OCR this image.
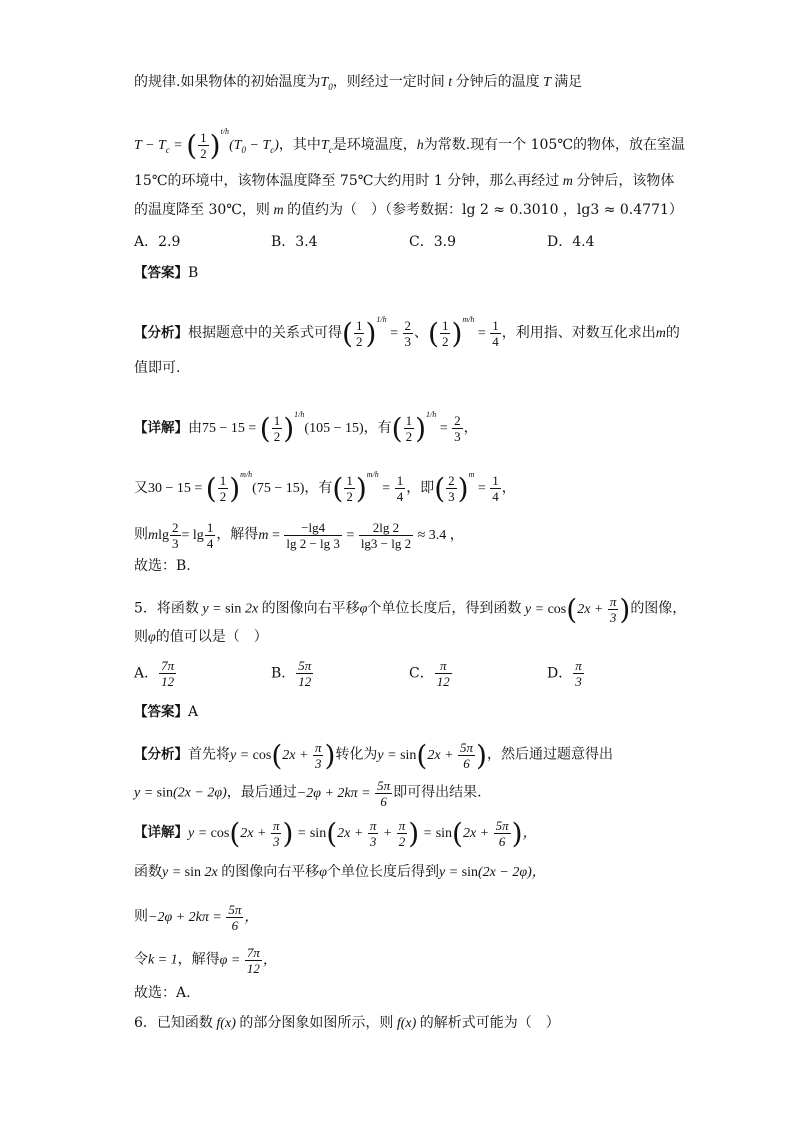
的规律.如果物体的初始温度为$T_0$，则经过一定时间 t 分钟后的温度 T 满足
$T - T_c$ = ( $\frac{1}{2} )^{t/h}(T_0 - T_c)$，其中$T_c$是环境温度，h为常数.现有一个 105℃的物体，放在室温
15℃的环境中，该物体温度降至 75℃大约用时 1 分钟，那么再经过 m 分钟后，该物体
的温度降至 30℃，则 m 的值约为（　）（参考数据：lg 2 ≈ 0.3010 ，lg3 ≈ 0.4771）
A．2.9	B．3.4	C．3.9	D．4.4
【答案】B
【分析】根据题意中的关系式可得( $\frac{1}{2} )^{1/h} = \frac{2}{3}$ 、( $\frac{1}{2} )^{m/h} = \frac{1}{4}$ ，利用指、对数互化求出m的
值即可.
【详解】由75 − 15 = ( $\frac{1}{2} )^{1/h}(105 - 15)$，有( $\frac{1}{2} )^{1/h} = \frac{2}{3}$ ，
又30 − 15 = ( $\frac{1}{2} )^{m/h}(75 - 15)$，有( $\frac{1}{2} )^{m/h} = \frac{1}{4}$ ，即( $\frac{2}{3} )^m = \frac{1}{4}$ ，
则mlg $\frac{2}{3} = \lg \frac{1}{4}$ ，解得$m = \frac{-\lg 4}{\lg 2 - \lg 3} = \frac{2\lg 2}{\lg 3 - \lg 2} \approx 3.4$ ，
故选：B.
5．将函数 y = sin 2x 的图像向右平移φ个单位长度后，得到函数 $y = \cos(2x + \frac{\pi}{3}$ )的图像，
则φ的值可以是（　）
A． $\frac{7\pi}{12}$	B． $\frac{5\pi}{12}$	C． $\frac{\pi}{12}$	D． $\frac{\pi}{3}$
【答案】A
【分析】首先将$y = \cos(2x + \frac{\pi}{3}$ )转化为$y = \sin(2x + \frac{5\pi}{6}$ )，然后通过题意得出
y = sin(2x − 2φ)，最后通过$-2\varphi + 2k\pi = \frac{5\pi}{6}$ 即可得出结果.
【详解】$y = \cos(2x + \frac{\pi}{3}$ ) = $\sin(2x + \frac{\pi}{3} + \frac{\pi}{2}$ ) = $\sin(2x + \frac{5\pi}{6}$ )，
函数y = sin 2x 的图像向右平移φ个单位长度后得到y = sin(2x − 2φ)，
则$-2\varphi + 2k\pi = \frac{5\pi}{6}$ ，
令k = 1，解得$\varphi = \frac{7\pi}{12}$ ，
故选：A.
6．已知函数 f(x) 的部分图象如图所示，则 f(x) 的解析式可能为（　）
